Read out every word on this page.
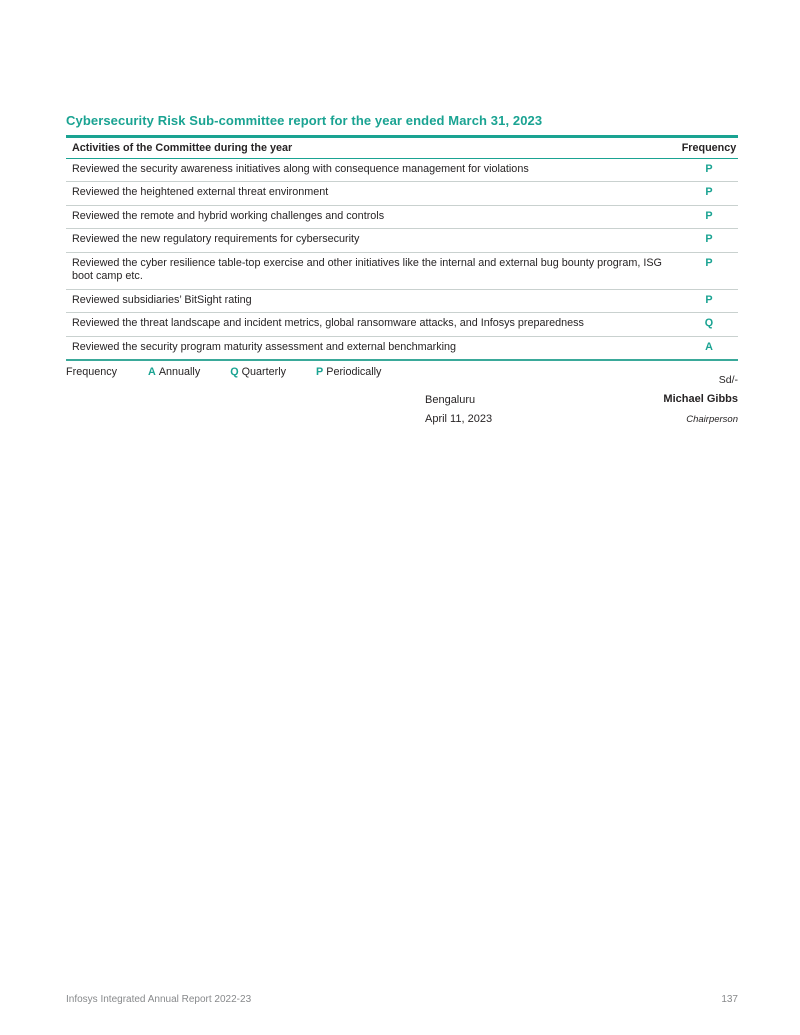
Cybersecurity Risk Sub-committee report for the year ended March 31, 2023
Activities of the Committee during the year	Frequency
Reviewed the security awareness initiatives along with consequence management for violations	P
Reviewed the heightened external threat environment	P
Reviewed the remote and hybrid working challenges and controls	P
Reviewed the new regulatory requirements for cybersecurity	P
Reviewed the cyber resilience table-top exercise and other initiatives like the internal and external bug bounty program, ISG boot camp etc.	P
Reviewed subsidiaries’ BitSight rating	P
Reviewed the threat landscape and incident metrics, global ransomware attacks, and Infosys preparedness	Q
Reviewed the security program maturity assessment and external benchmarking	A
Frequency	A Annually	Q Quarterly	P Periodically
Sd/-
Bengaluru	Michael Gibbs
April 11, 2023	Chairperson
Infosys Integrated Annual Report 2022-23	137
